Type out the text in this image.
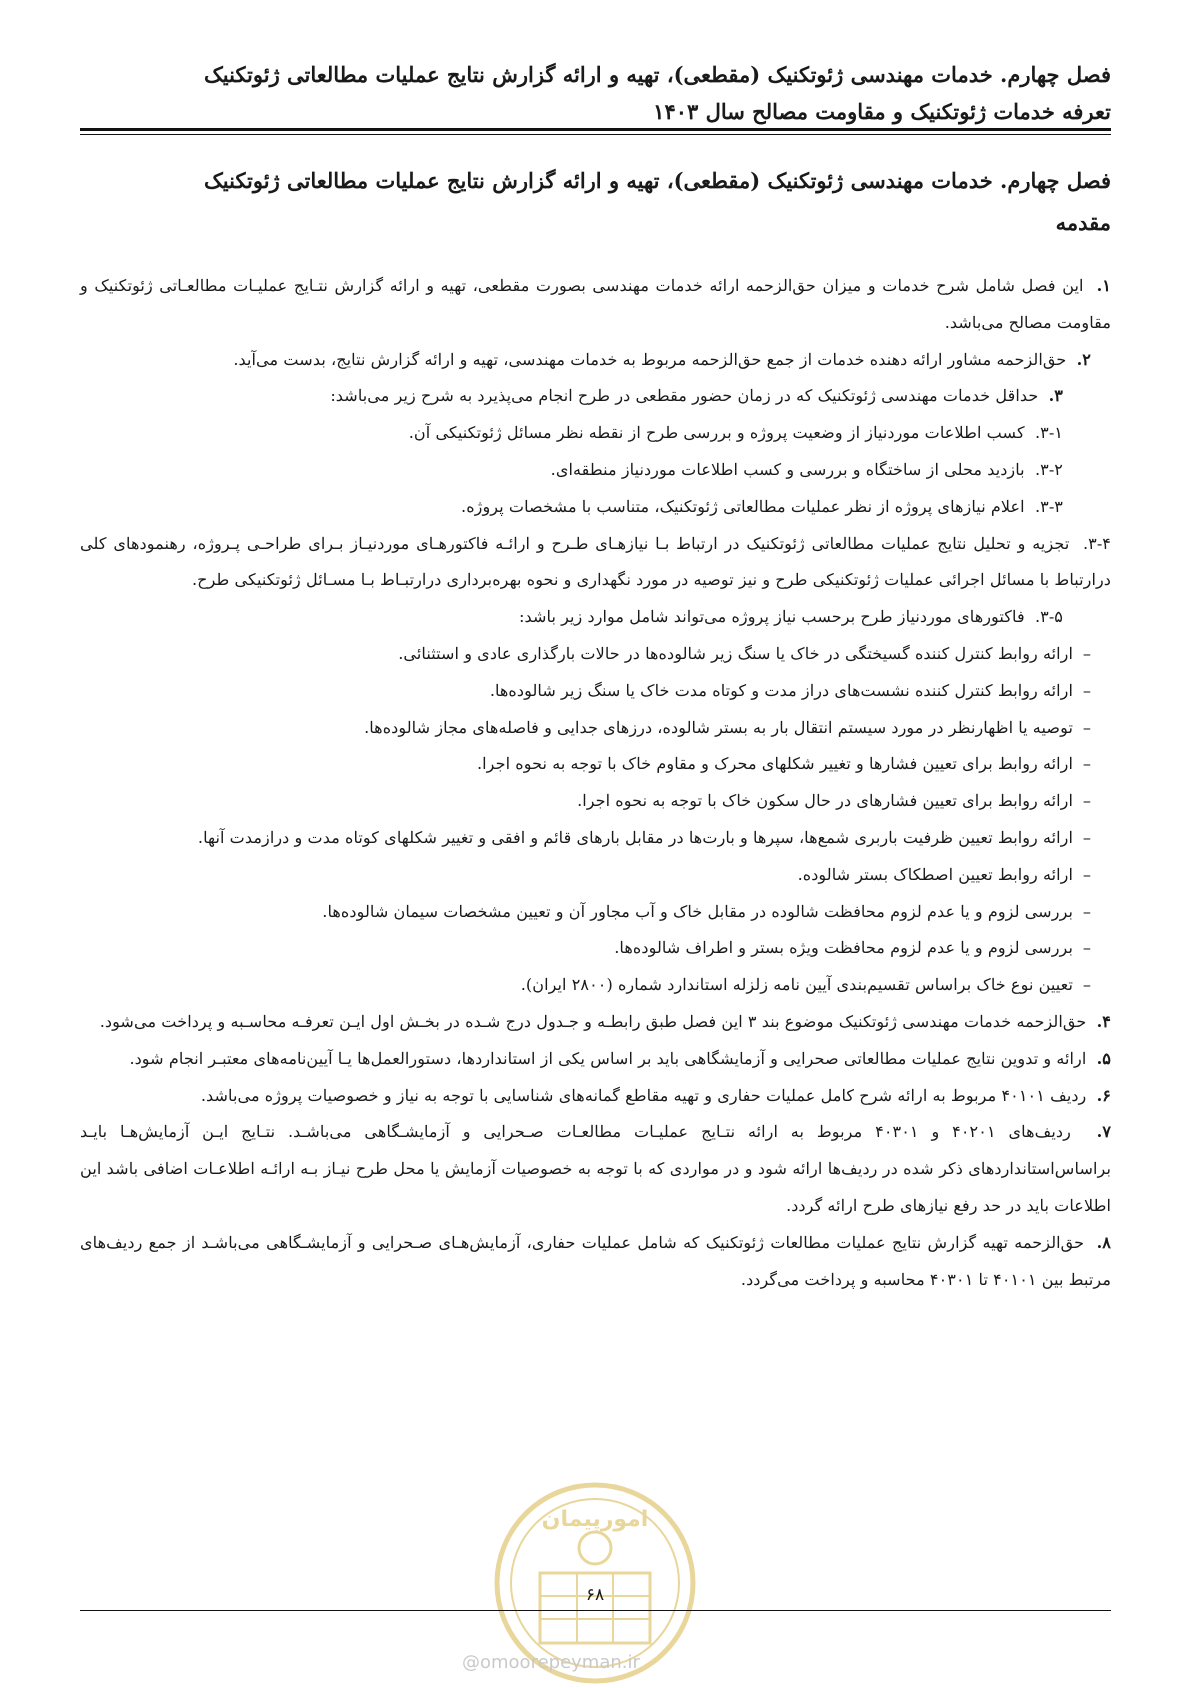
فصل چهارم. خدمات مهندسی ژئوتکنیک (مقطعی)، تهیه و ارائه گزارش نتایج عملیات مطالعاتی ژئوتکنیک
تعرفه خدمات ژئوتکنیک و مقاومت مصالح سال ۱۴۰۳
فصل چهارم. خدمات مهندسی ژئوتکنیک (مقطعی)، تهیه و ارائه گزارش نتایج عملیات مطالعاتی ژئوتکنیک
مقدمه

۱.  این فصل شامل شرح خدمات و میزان حق‌الزحمه ارائه خدمات مهندسی بصورت مقطعی، تهیه و ارائه گزارش نتـایج عملیـات مطالعـاتی ژئوتکنیک و مقاومت مصالح می‌باشد.

۲.  حق‌الزحمه مشاور ارائه دهنده خدمات از جمع حق‌الزحمه مربوط به خدمات مهندسی، تهیه و ارائه گزارش نتایج، بدست می‌آید.

۳.  حداقل خدمات مهندسی ژئوتکنیک که در زمان حضور مقطعی در طرح انجام می‌پذیرد به شرح زیر می‌باشد:

۳-۱.  کسب اطلاعات موردنیاز از وضعیت پروژه و بررسی طرح از نقطه نظر مسائل ژئوتکنیکی آن.

۳-۲.  بازدید محلی از ساختگاه و بررسی و کسب اطلاعات موردنیاز منطقه‌ای.

۳-۳.  اعلام نیازهای پروژه از نظر عملیات مطالعاتی ژئوتکنیک، متناسب با مشخصات پروژه.

۳-۴.  تجزیه و تحلیل نتایج عملیات مطالعاتی ژئوتکنیک در ارتباط بـا نیازهـای طـرح و ارائـه فاکتورهـای موردنیـاز بـرای طراحـی پـروژه، رهنمودهای کلی درارتباط با مسائل اجرائی عملیات ژئوتکنیکی طرح و نیز توصیه در مورد نگهداری و نحوه بهره‌برداری درارتبـاط بـا مسـائل ژئوتکنیکی طرح.

۳-۵.  فاکتورهای موردنیاز طرح برحسب نیاز پروژه می‌تواند شامل موارد زیر باشد:

–ارائه روابط کنترل کننده گسیختگی در خاک یا سنگ زیر شالوده‌ها در حالات بارگذاری عادی و استثنائی.

–ارائه روابط کنترل کننده نشست‌های دراز مدت و کوتاه مدت خاک یا سنگ زیر شالوده‌ها.

–توصیه یا اظهارنظر در مورد سیستم انتقال بار به بستر شالوده، درزهای جدایی و فاصله‌های مجاز شالوده‌ها.

–ارائه روابط برای تعیین فشارها و تغییر شکلهای محرک و مقاوم خاک با توجه به نحوه اجرا.

–ارائه روابط برای تعیین فشارهای در حال سکون خاک با توجه به نحوه اجرا.

–ارائه روابط تعیین ظرفیت باربری شمع‌ها، سپرها و بارت‌ها در مقابل بارهای قائم و افقی و تغییر شکلهای کوتاه مدت و درازمدت آنها.

–ارائه روابط تعیین اصطکاک بستر شالوده.

–بررسی لزوم و یا عدم لزوم محافظت شالوده در مقابل خاک و آب مجاور آن و تعیین مشخصات سیمان شالوده‌ها.

–بررسی لزوم و یا عدم لزوم محافظت ویژه بستر و اطراف شالوده‌ها.

–تعیین نوع خاک براساس تقسیم‌بندی آیین نامه زلزله استاندارد شماره (۲۸۰۰ ایران).

۴.  حق‌الزحمه خدمات مهندسی ژئوتکنیک موضوع بند ۳ این فصل طبق رابطـه و جـدول درج شـده در بخـش اول ایـن تعرفـه محاسـبه و پرداخت می‌شود.

۵.  ارائه و تدوین نتایج عملیات مطالعاتی صحرایی و آزمایشگاهی باید بر اساس یکی از استانداردها، دستورالعمل‌ها یـا آیین‌نامه‌های معتبـر انجام شود.

۶.  ردیف ۴۰۱۰۱ مربوط به ارائه شرح کامل عملیات حفاری و تهیه مقاطع گمانه‌های شناسایی با توجه به نیاز و خصوصیات پروژه می‌باشد.

۷.  ردیف‌های ۴۰۲۰۱ و ۴۰۳۰۱ مربوط به ارائه نتـایج عملیـات مطالعـات صـحرایی و آزمایشـگاهی می‌باشـد. نتـایج ایـن آزمایش‌هـا بایـد براساس‌استانداردهای ذکر شده در ردیف‌ها ارائه شود و در مواردی که با توجه به خصوصیات آزمایش یا محل طرح نیـاز بـه ارائـه اطلاعـات اضافی باشد این اطلاعات باید در حد رفع نیازهای طرح ارائه گردد.

۸.  حق‌الزحمه تهیه گزارش نتایج عملیات مطالعات ژئوتکنیک که شامل عملیات حفاری، آزمایش‌هـای صـحرایی و آزمایشـگاهی می‌باشـد از جمع ردیف‌های مرتبط بین ۴۰۱۰۱ تا ۴۰۳۰۱ محاسبه و پرداخت می‌گردد.

امورپیمان
۶۸
@omoorepeyman.ir
